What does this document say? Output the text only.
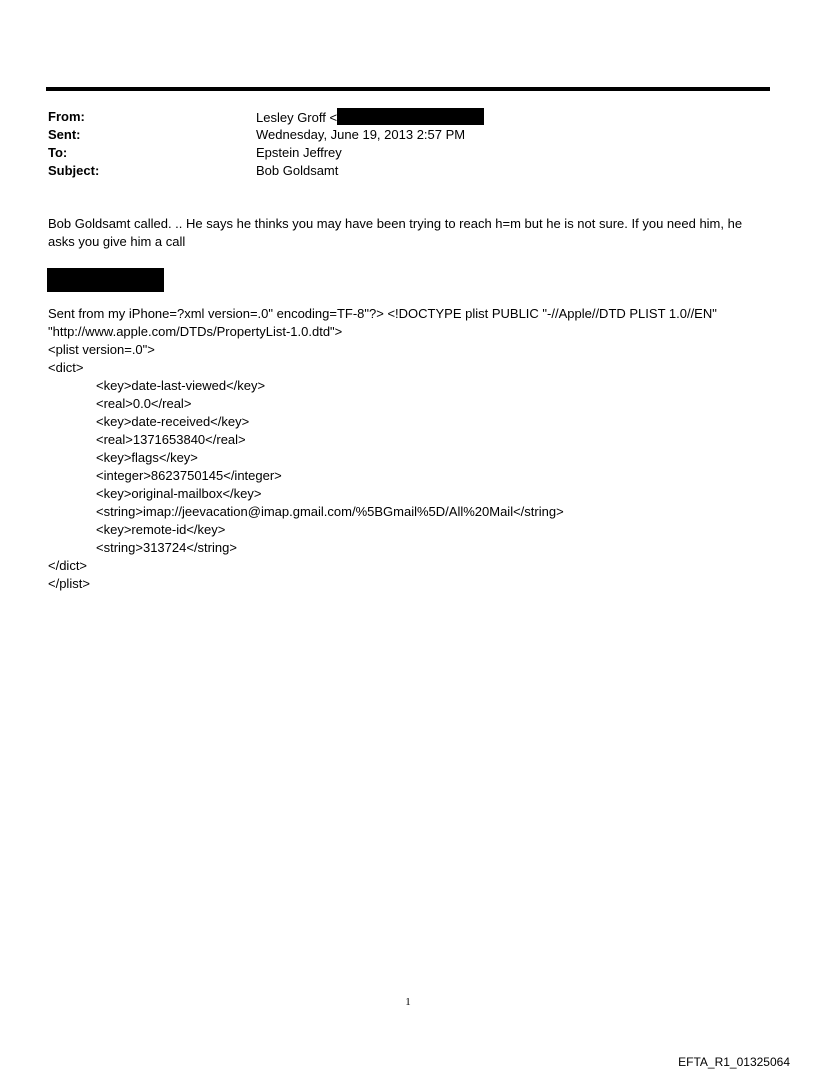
From:	Lesley Groff <
Sent:	Wednesday, June 19, 2013 2:57 PM
To:	Epstein Jeffrey
Subject:	Bob Goldsamt
Bob Goldsamt called. .. He says he thinks you may have been trying to reach h=m but he is not sure. If you need him, he asks you give him a call
Sent from my iPhone=?xml version=.0" encoding=TF-8"?> <!DOCTYPE plist PUBLIC "-//Apple//DTD PLIST 1.0//EN"
"http://www.apple.com/DTDs/PropertyList-1.0.dtd">
<plist version=.0">
<dict>
<key>date-last-viewed</key>
<real>0.0</real>
<key>date-received</key>
<real>1371653840</real>
<key>flags</key>
<integer>8623750145</integer>
<key>original-mailbox</key>
<string>imap://jeevacation@imap.gmail.com/%5BGmail%5D/All%20Mail</string>
<key>remote-id</key>
<string>313724</string>
</dict>
</plist>
1
EFTA_R1_01325064
